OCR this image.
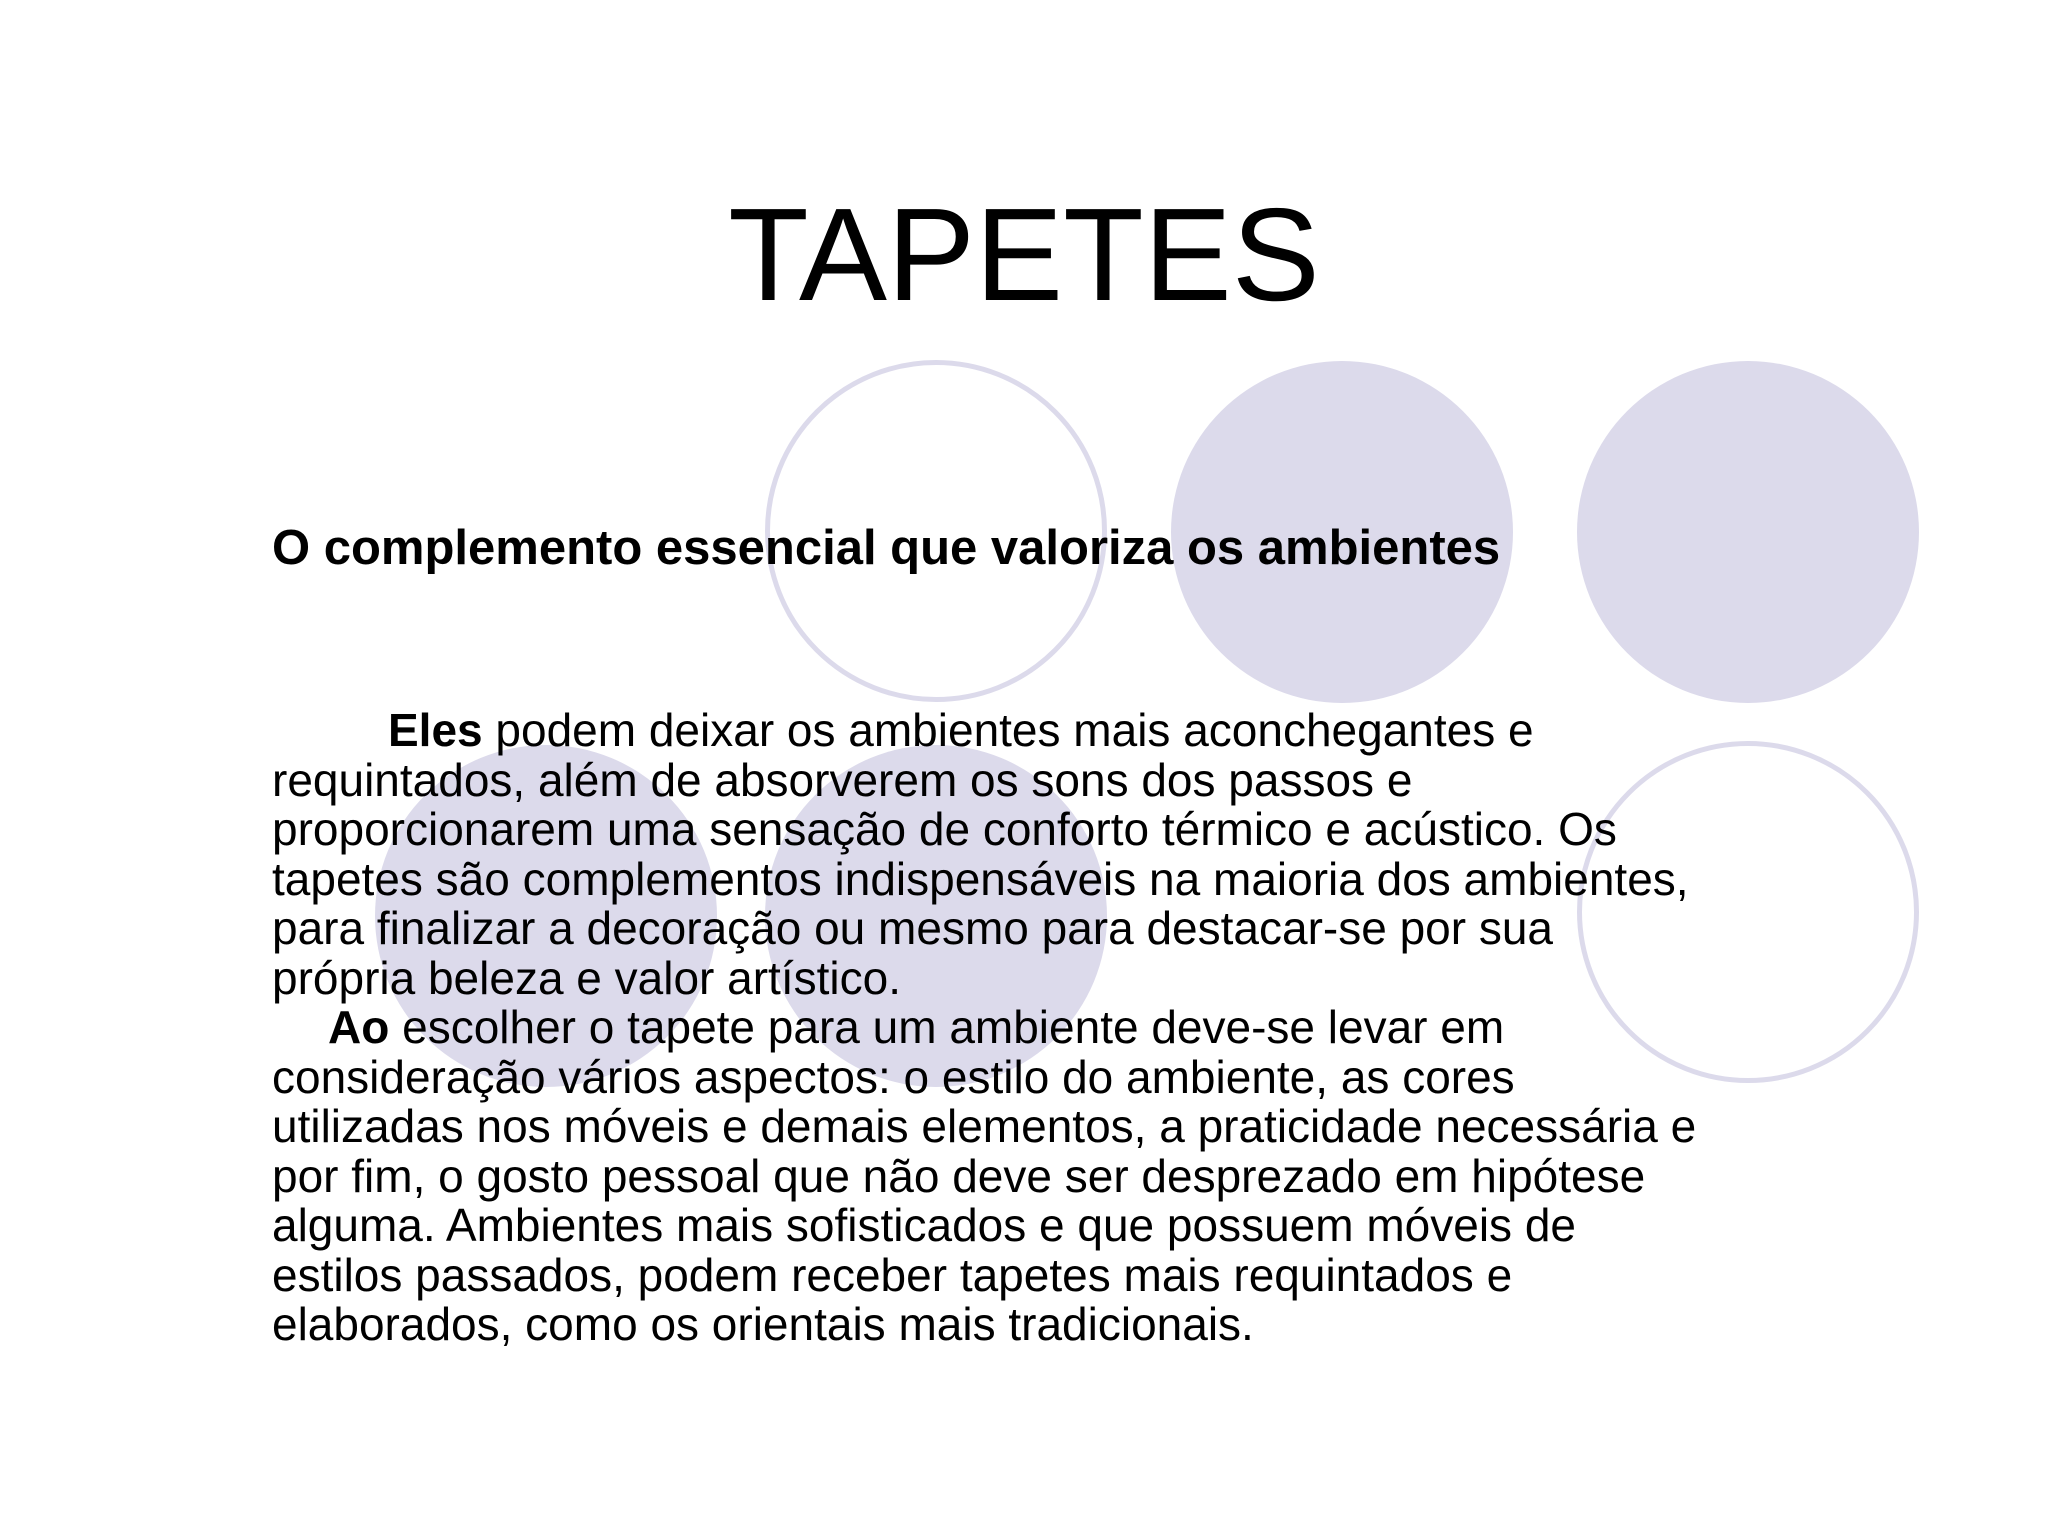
TAPETES

O complemento essencial que valoriza os ambientes

Eles podem deixar os ambientes mais aconchegantes e
requintados, além de absorverem os sons dos passos e
proporcionarem uma sensação de conforto térmico e acústico. Os
tapetes são complementos indispensáveis na maioria dos ambientes,
para finalizar a decoração ou mesmo para destacar-se por sua
própria beleza e valor artístico.

Ao escolher o tapete para um ambiente deve-se levar em
consideração vários aspectos: o estilo do ambiente, as cores
utilizadas nos móveis e demais elementos, a praticidade necessária e
por fim, o gosto pessoal que não deve ser desprezado em hipótese
alguma. Ambientes mais sofisticados e que possuem móveis de
estilos passados, podem receber tapetes mais requintados e
elaborados, como os orientais mais tradicionais.
